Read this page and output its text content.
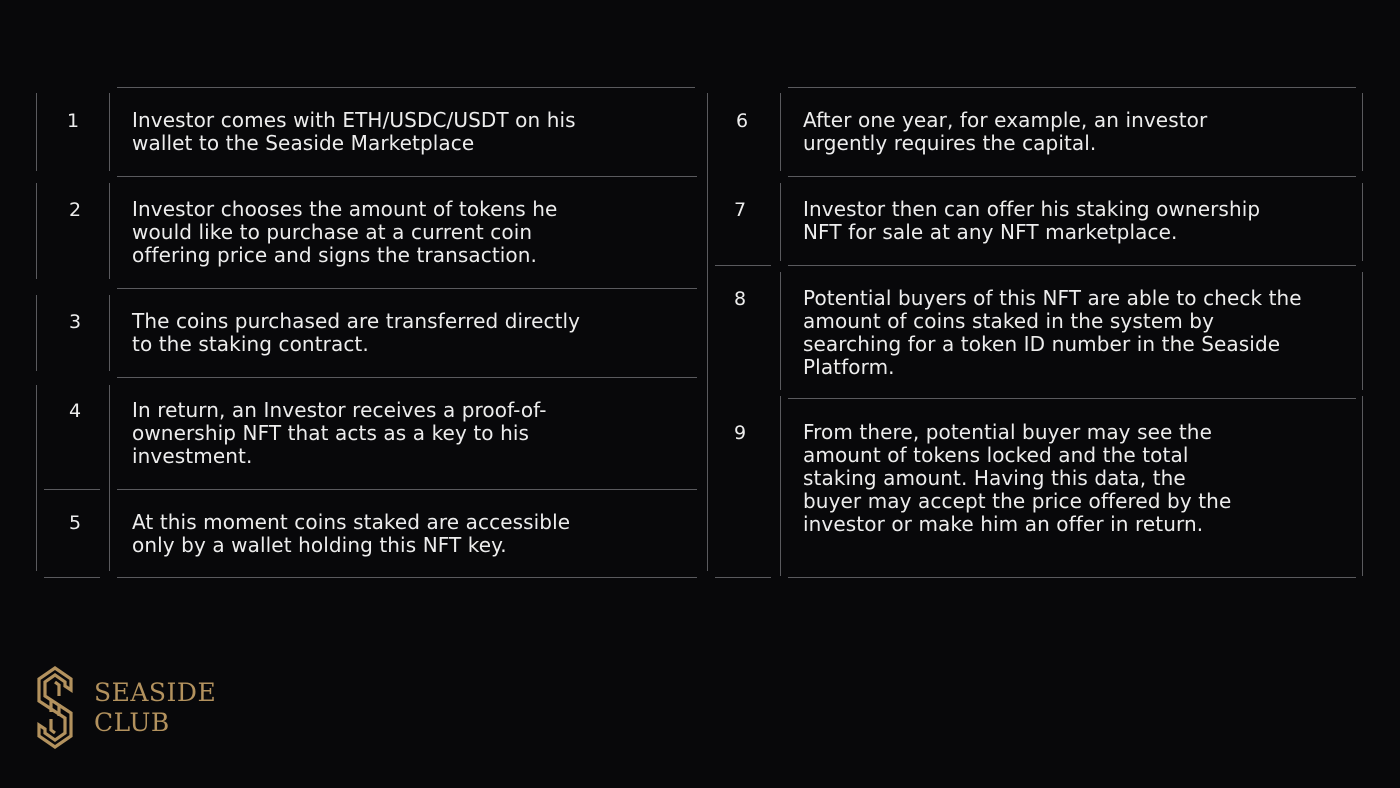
1	Investor comes with ETH/USDC/USDT on his
wallet to the Seaside Marketplace

2	Investor chooses the amount of tokens he
would like to purchase at a current coin
offering price and signs the transaction.

3	The coins purchased are transferred directly
to the staking contract.

4	In return, an Investor receives a proof-of-
ownership NFT that acts as a key to his
investment.

5	At this moment coins staked are accessible
only by a wallet holding this NFT key.

6	After one year, for example, an investor
urgently requires the capital.

7	Investor then can offer his staking ownership
NFT for sale at any NFT marketplace.

8	Potential buyers of this NFT are able to check the
amount of coins staked in the system by
searching for a token ID number in the Seaside
Platform.

9	From there, potential buyer may see the
amount of tokens locked and the total
staking amount. Having this data, the
buyer may accept the price offered by the
investor or make him an offer in return.

SEASIDE
CLUB
